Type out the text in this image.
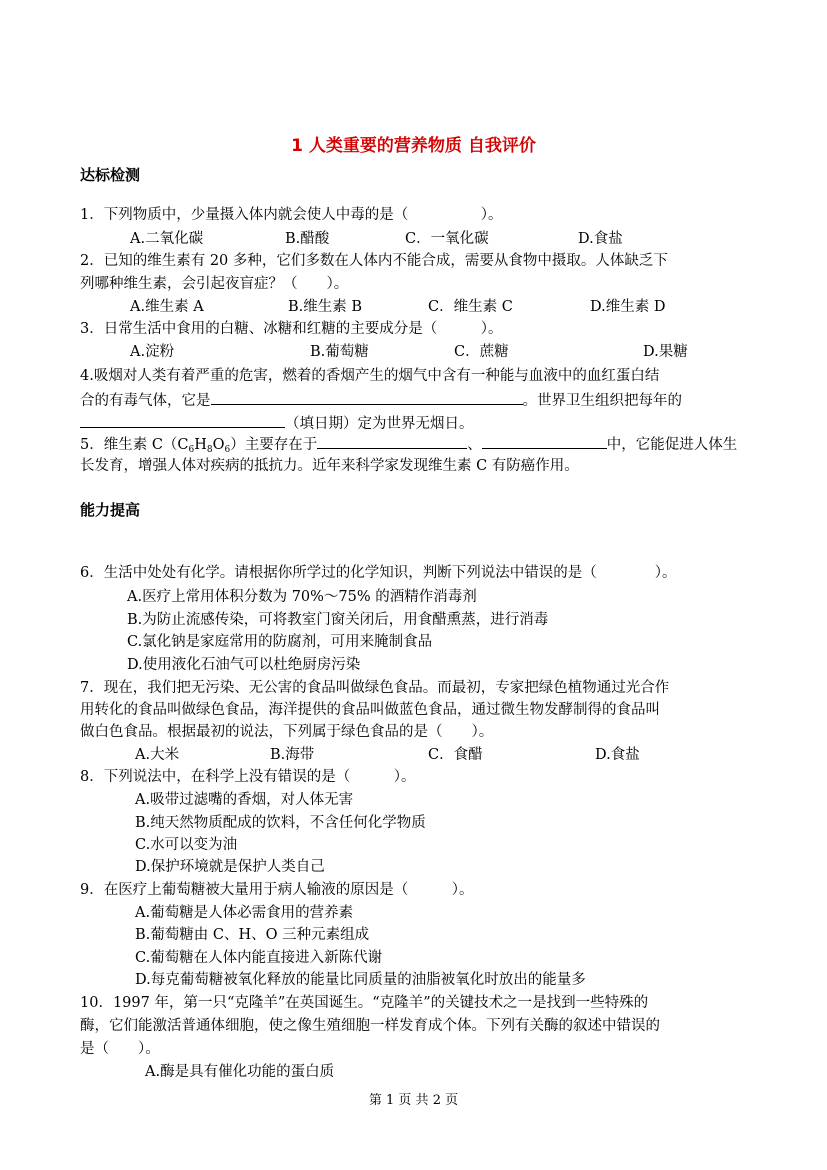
1 人类重要的营养物质 自我评价
达标检测
1．下列物质中，少量摄入体内就会使人中毒的是（　　　　　）。
A.二氧化碳	B.醋酸	C．一氧化碳	D.食盐
2．已知的维生素有 20 多种，它们多数在人体内不能合成，需要从食物中摄取。人体缺乏下
列哪种维生素，会引起夜盲症？（　　）。
A.维生素 A	B.维生素 B	C．维生素 C	D.维生素 D
3．日常生活中食用的白糖、冰糖和红糖的主要成分是（　　　）。
A.淀粉	B.葡萄糖	C．蔗糖	D.果糖
4.吸烟对人类有着严重的危害，燃着的香烟产生的烟气中含有一种能与血液中的血红蛋白结
合的有毒气体，它是	。世界卫生组织把每年的
（填日期）定为世界无烟日。
5．维生素 $C(C_6H_8O_6)$主要存在于	、	中，它能促进人体生
长发育，增强人体对疾病的抵抗力。近年来科学家发现维生素 C 有防癌作用。
能力提高
6．生活中处处有化学。请根据你所学过的化学知识，判断下列说法中错误的是（　　　　）。
A.医疗上常用体积分数为 70%～75% 的酒精作消毒剂
B.为防止流感传染，可将教室门窗关闭后，用食醋熏蒸，进行消毒
C.氯化钠是家庭常用的防腐剂，可用来腌制食品
D.使用液化石油气可以杜绝厨房污染
7．现在，我们把无污染、无公害的食品叫做绿色食品。而最初，专家把绿色植物通过光合作
用转化的食品叫做绿色食品，海洋提供的食品叫做蓝色食品，通过微生物发酵制得的食品叫
做白色食品。根据最初的说法，下列属于绿色食品的是（　　）。
A.大米	B.海带	C．食醋	D.食盐
8．下列说法中，在科学上没有错误的是（　　　）。
A.吸带过滤嘴的香烟，对人体无害
B.纯天然物质配成的饮料，不含任何化学物质
C.水可以变为油
D.保护环境就是保护人类自己
9．在医疗上葡萄糖被大量用于病人输液的原因是（　　　）。
A.葡萄糖是人体必需食用的营养素
B.葡萄糖由 C、H、O 三种元素组成
C.葡萄糖在人体内能直接进入新陈代谢
D.每克葡萄糖被氧化释放的能量比同质量的油脂被氧化时放出的能量多
10．1997 年，第一只“克隆羊”在英国诞生。“克隆羊”的关键技术之一是找到一些特殊的
酶，它们能激活普通体细胞，使之像生殖细胞一样发育成个体。下列有关酶的叙述中错误的
是（　　）。
A.酶是具有催化功能的蛋白质
第 1 页 共 2 页
